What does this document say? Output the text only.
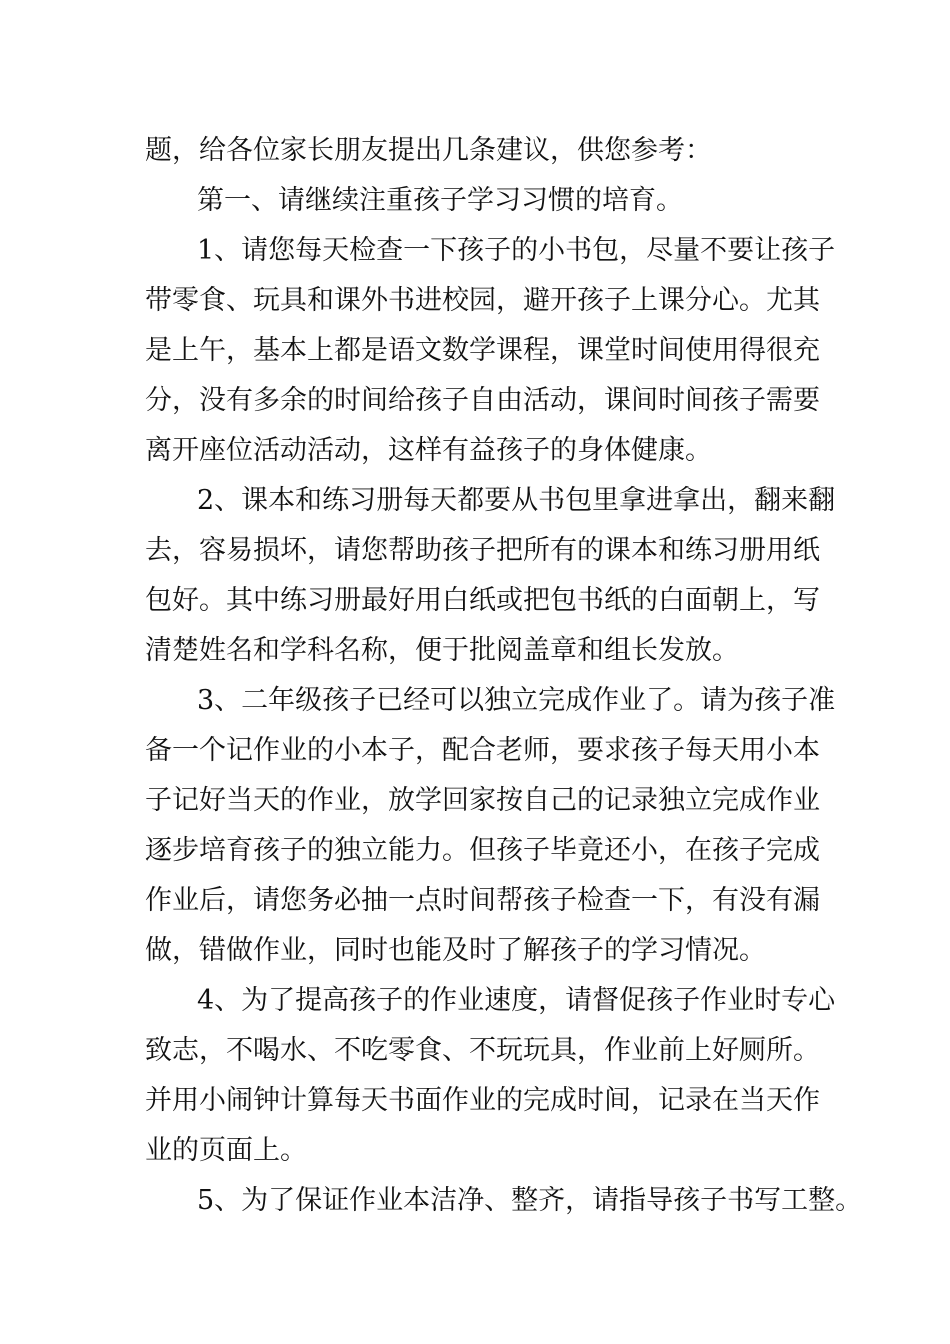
题，给各位家长朋友提出几条建议，供您参考：
第一、请继续注重孩子学习习惯的培育。
1、请您每天检查一下孩子的小书包，尽量不要让孩子
带零食、玩具和课外书进校园，避开孩子上课分心。尤其
是上午，基本上都是语文数学课程，课堂时间使用得很充
分，没有多余的时间给孩子自由活动，课间时间孩子需要
离开座位活动活动，这样有益孩子的身体健康。
2、课本和练习册每天都要从书包里拿进拿出，翻来翻
去，容易损坏，请您帮助孩子把所有的课本和练习册用纸
包好。其中练习册最好用白纸或把包书纸的白面朝上，写
清楚姓名和学科名称，便于批阅盖章和组长发放。
3、二年级孩子已经可以独立完成作业了。请为孩子准
备一个记作业的小本子，配合老师，要求孩子每天用小本
子记好当天的作业，放学回家按自己的记录独立完成作业
逐步培育孩子的独立能力。但孩子毕竟还小，在孩子完成
作业后，请您务必抽一点时间帮孩子检查一下，有没有漏
做，错做作业，同时也能及时了解孩子的学习情况。
4、为了提高孩子的作业速度，请督促孩子作业时专心
致志，不喝水、不吃零食、不玩玩具，作业前上好厕所。
并用小闹钟计算每天书面作业的完成时间，记录在当天作
业的页面上。
5、为了保证作业本洁净、整齐，请指导孩子书写工整。
